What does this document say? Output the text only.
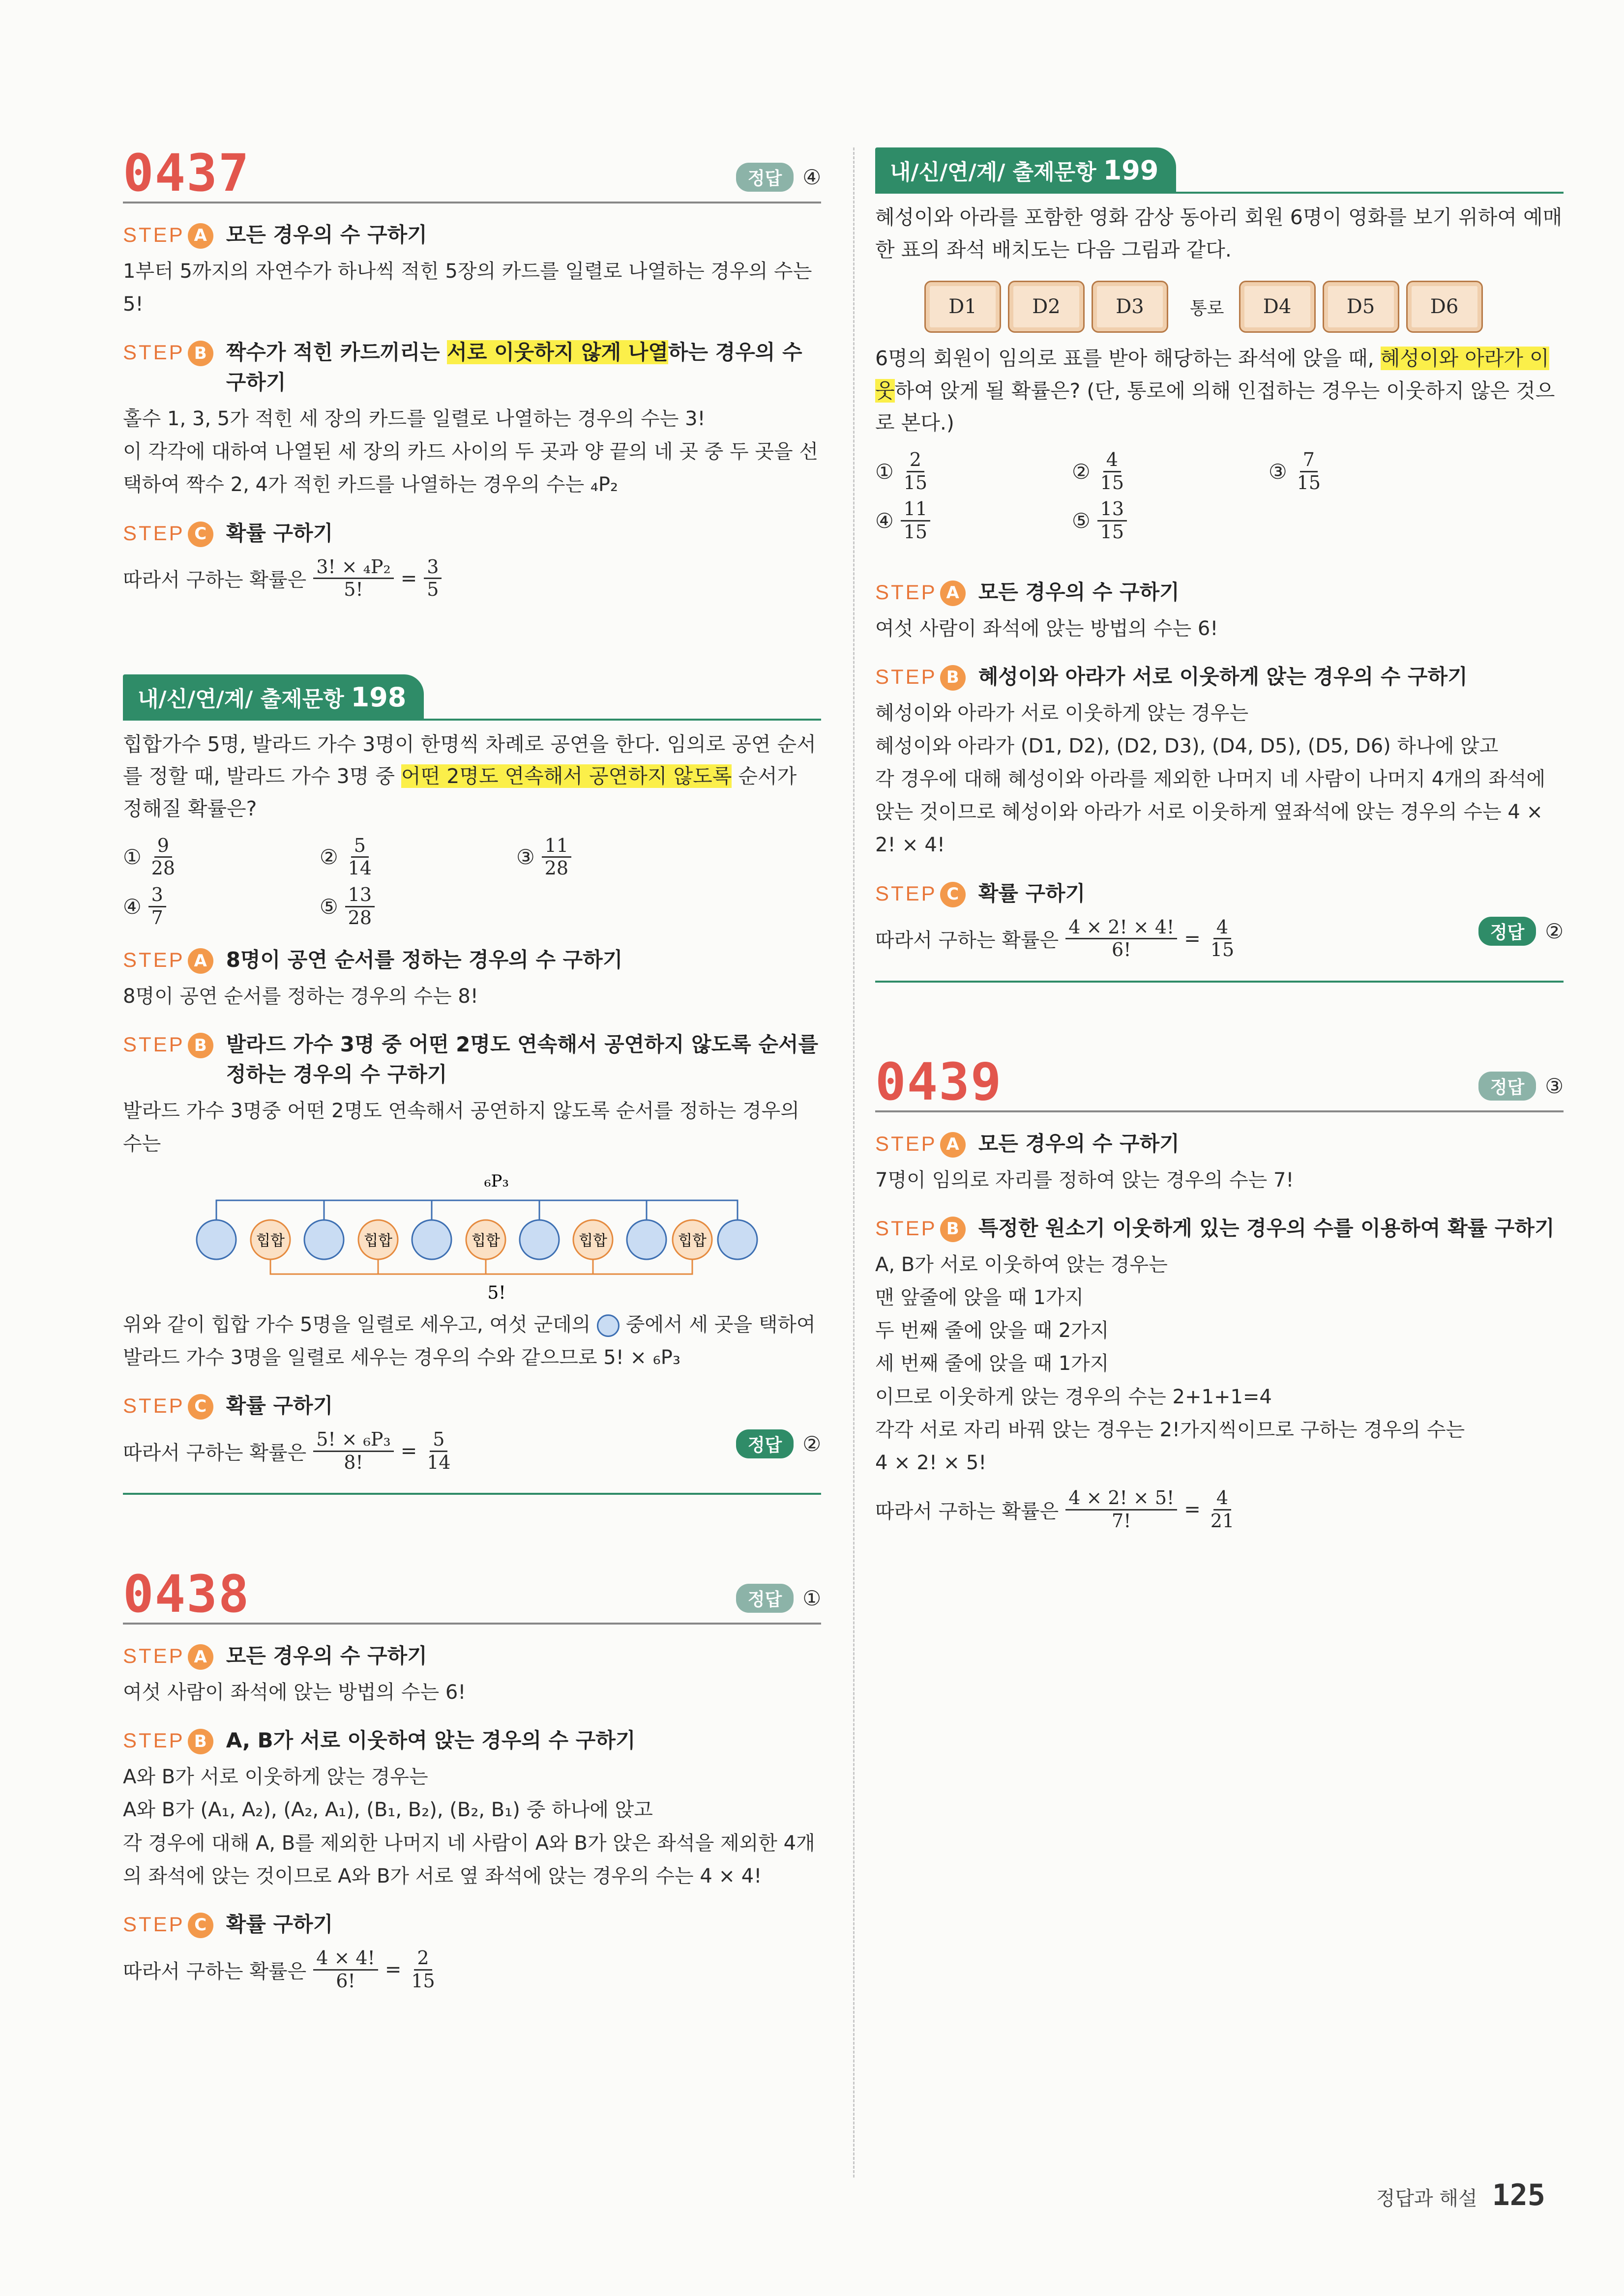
0437	정답	④
STEP A 모든 경우의 수 구하기
1부터 5까지의 자연수가 하나씩 적힌 5장의 카드를 일렬로 나열하는 경우의 수는 5!
STEP B 짝수가 적힌 카드끼리는 서로 이웃하지 않게 나열하는 경우의 수 구하기

홀수 1, 3, 5가 적힌 세 장의 카드를 일렬로 나열하는 경우의 수는 3!

이 각각에 대하여 나열된 세 장의 카드 사이의 두 곳과 양 끝의 네 곳 중 두 곳을 선택하여 짝수 2, 4가 적힌 카드를 나열하는 경우의 수는 ₄P₂

STEP C 확률 구하기
따라서 구하는 확률은 $\frac{\text{3! × ₄P₂}}{5!} = \frac{3}{5}$
내/신/연/계/ 출제문항 198
힙합가수 5명, 발라드 가수 3명이 한명씩 차례로 공연을 한다. 임의로 공연 순서를 정할 때, 발라드 가수 3명 중 어떤 2명도 연속해서 공연하지 않도록 순서가 정해질 확률은?
① $\frac{9}{28}$	② $\frac{5}{14}$	③ $\frac{11}{28}$
④ $\frac{3}{7}$	⑤ $\frac{13}{28}$
STEP A 8명이 공연 순서를 정하는 경우의 수 구하기
8명이 공연 순서를 정하는 경우의 수는 8!
STEP B 발라드 가수 3명 중 어떤 2명도 연속해서 공연하지 않도록 순서를 정하는 경우의 수 구하기
발라드 가수 3명중 어떤 2명도 연속해서 공연하지 않도록 순서를 정하는 경우의 수는
₆P₃
힙합	힙합	힙합	힙합	힙합
5!
위와 같이 힙합 가수 5명을 일렬로 세우고, 여섯 군데의 중에서 세 곳을 택하여 발라드 가수 3명을 일렬로 세우는 경우의 수와 같으므로 5! × ₆P₃
STEP C 확률 구하기
따라서 구하는 확률은 $\frac{\text{5! × ₆P₃}}{8!} = \frac{5}{14}$	정답	②
0438	정답	①
STEP A 모든 경우의 수 구하기
여섯 사람이 좌석에 앉는 방법의 수는 6!
STEP B A, B가 서로 이웃하여 앉는 경우의 수 구하기

A와 B가 서로 이웃하게 앉는 경우는

A와 B가 (A₁, A₂), (A₂, A₁), (B₁, B₂), (B₂, B₁) 중 하나에 앉고

각 경우에 대해 A, B를 제외한 나머지 네 사람이 A와 B가 앉은 좌석을 제외한 4개의 좌석에 앉는 것이므로 A와 B가 서로 옆 좌석에 앉는 경우의 수는 4 × 4!

STEP C 확률 구하기
따라서 구하는 확률은 $\frac{4 \times 4!}{6!} = \frac{2}{15}$
내/신/연/계/ 출제문항 199
혜성이와 아라를 포함한 영화 감상 동아리 회원 6명이 영화를 보기 위하여 예매한 표의 좌석 배치도는 다음 그림과 같다.
D1	D2	D3	통로	D4	D5	D6
6명의 회원이 임의로 표를 받아 해당하는 좌석에 앉을 때, 혜성이와 아라가 이웃하여 앉게 될 확률은? (단, 통로에 의해 인접하는 경우는 이웃하지 않은 것으로 본다.)
① $\frac{2}{15}$	② $\frac{4}{15}$	③ $\frac{7}{15}$
④ $\frac{11}{15}$	⑤ $\frac{13}{15}$
STEP A 모든 경우의 수 구하기
여섯 사람이 좌석에 앉는 방법의 수는 6!
STEP B 혜성이와 아라가 서로 이웃하게 앉는 경우의 수 구하기

혜성이와 아라가 서로 이웃하게 앉는 경우는

혜성이와 아라가 (D1, D2), (D2, D3), (D4, D5), (D5, D6) 하나에 앉고

각 경우에 대해 혜성이와 아라를 제외한 나머지 네 사람이 나머지 4개의 좌석에 앉는 것이므로 혜성이와 아라가 서로 이웃하게 옆좌석에 앉는 경우의 수는 4 × 2! × 4!

STEP C 확률 구하기
따라서 구하는 확률은 $\frac{4 \times 2! \times 4!}{6!} = \frac{4}{15}$	정답	②
0439	정답	③
STEP A 모든 경우의 수 구하기
7명이 임의로 자리를 정하여 앉는 경우의 수는 7!
STEP B 특정한 원소기 이웃하게 있는 경우의 수를 이용하여 확률 구하기

A, B가 서로 이웃하여 앉는 경우는

맨 앞줄에 앉을 때 1가지

두 번째 줄에 앉을 때 2가지

세 번째 줄에 앉을 때 1가지

이므로 이웃하게 앉는 경우의 수는 2+1+1=4

각각 서로 자리 바꿔 앉는 경우는 2!가지씩이므로 구하는 경우의 수는

4 × 2! × 5!

따라서 구하는 확률은 $\frac{4 \times 2! \times 5!}{7!} = \frac{4}{21}$
정답과 해설 125
